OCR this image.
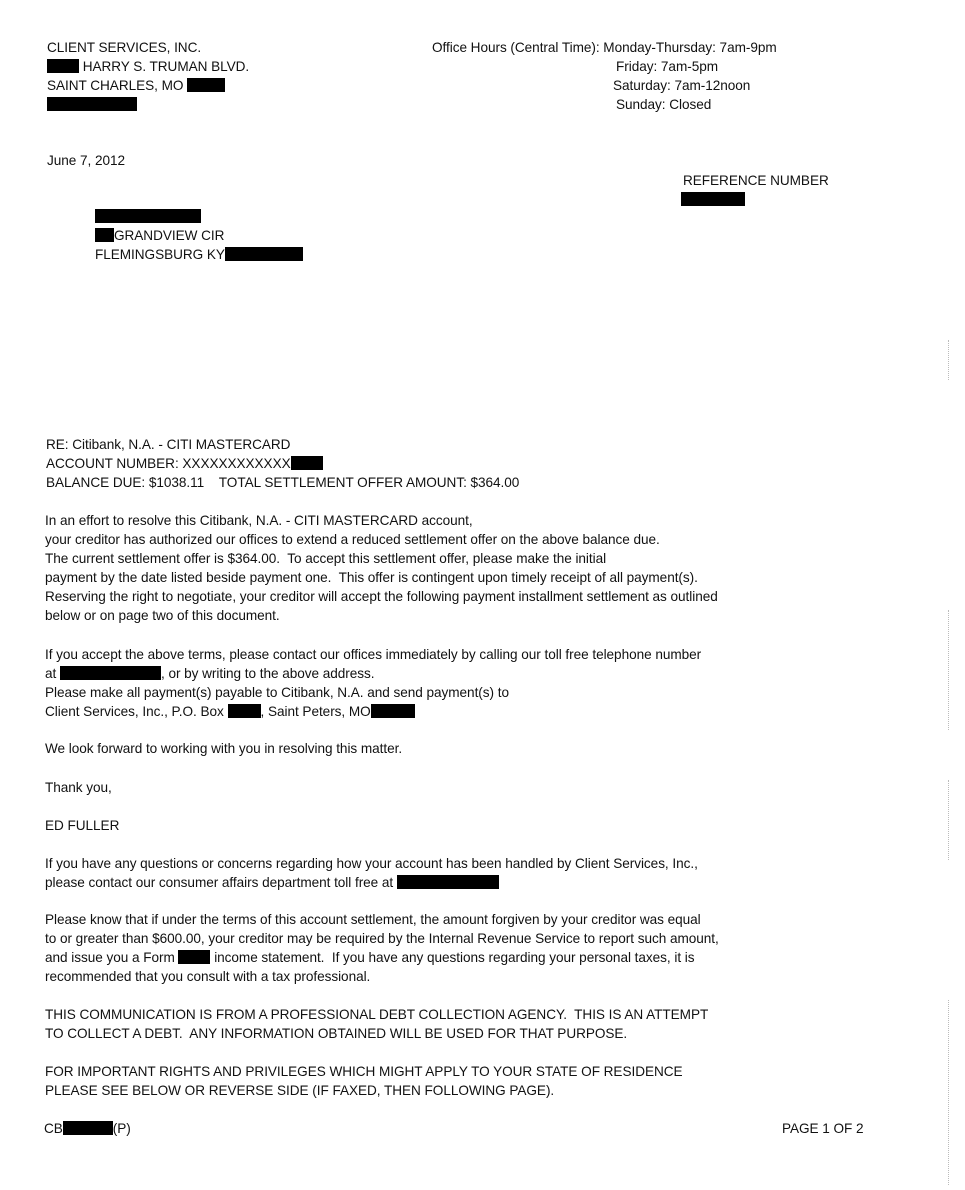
CLIENT SERVICES, INC.
HARRY S. TRUMAN BLVD.
SAINT CHARLES, MO
Office Hours (Central Time): Monday-Thursday: 7am-9pm
Friday: 7am-5pm
Saturday: 7am-12noon
Sunday: Closed
June 7, 2012
REFERENCE NUMBER
GRANDVIEW CIR
FLEMINGSBURG KY
RE: Citibank, N.A. - CITI MASTERCARD
ACCOUNT NUMBER: XXXXXXXXXXXX
BALANCE DUE: $1038.11    TOTAL SETTLEMENT OFFER AMOUNT: $364.00
In an effort to resolve this Citibank, N.A. - CITI MASTERCARD account,
your creditor has authorized our offices to extend a reduced settlement offer on the above balance due.
The current settlement offer is $364.00.  To accept this settlement offer, please make the initial
payment by the date listed beside payment one.  This offer is contingent upon timely receipt of all payment(s).
Reserving the right to negotiate, your creditor will accept the following payment installment settlement as outlined
below or on page two of this document.
If you accept the above terms, please contact our offices immediately by calling our toll free telephone number
at	, or by writing to the above address.
Please make all payment(s) payable to Citibank, N.A. and send payment(s) to
Client Services, Inc., P.O. Box	, Saint Peters, MO
We look forward to working with you in resolving this matter.
Thank you,
ED FULLER
If you have any questions or concerns regarding how your account has been handled by Client Services, Inc.,
please contact our consumer affairs department toll free at
Please know that if under the terms of this account settlement, the amount forgiven by your creditor was equal
to or greater than $600.00, your creditor may be required by the Internal Revenue Service to report such amount,
and issue you a Form	income statement.  If you have any questions regarding your personal taxes, it is
recommended that you consult with a tax professional.
THIS COMMUNICATION IS FROM A PROFESSIONAL DEBT COLLECTION AGENCY.  THIS IS AN ATTEMPT
TO COLLECT A DEBT.  ANY INFORMATION OBTAINED WILL BE USED FOR THAT PURPOSE.
FOR IMPORTANT RIGHTS AND PRIVILEGES WHICH MIGHT APPLY TO YOUR STATE OF RESIDENCE
PLEASE SEE BELOW OR REVERSE SIDE (IF FAXED, THEN FOLLOWING PAGE).
CB	(P)	PAGE 1 OF 2
